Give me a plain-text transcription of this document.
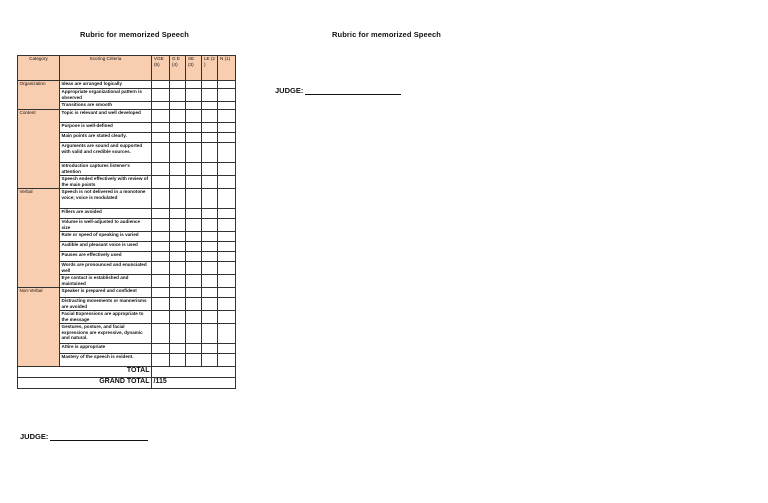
Rubric for memorized Speech	Rubric for memorized Speech
JUDGE:
Category	Scoring Criteria	VGE (5)	G E (4)	SE (3)	LE (2 )	N (1)
Organization	Ideas are arranged logically					
	Appropriate organizational pattern is observed					
	Transitions are smooth					
Content	Topic is relevant and well developed					
	Purpose is well-defined					
	Main points are stated clearly.					
	Arguments are sound and supported with valid and credible sources.					
	Introduction captures listener's attention					
	Speech ended effectively with review of the main points					
Verbal	Speech is not delivered in a monotone voice; voice is modulated					
	Fillers are avoided					
	Volume is well-adjusted to audience size					
	Rate or speed of speaking is varied					
	Audible and pleasant voice is used					
	Pauses are effectively used					
	Words are pronounced and enunciated well					
	Eye contact is established and maintained					
Non-Verbal	Speaker is prepared and confident					
	Distracting movements or mannerisms are avoided					
	Facial Expressions are appropriate to the message					
	Gestures, posture, and facial expressions are expressive, dynamic and natural.					
	Attire is appropriate					
	Mastery of the speech is evident.					
TOTAL						
GRAND TOTAL		/115				
JUDGE:
